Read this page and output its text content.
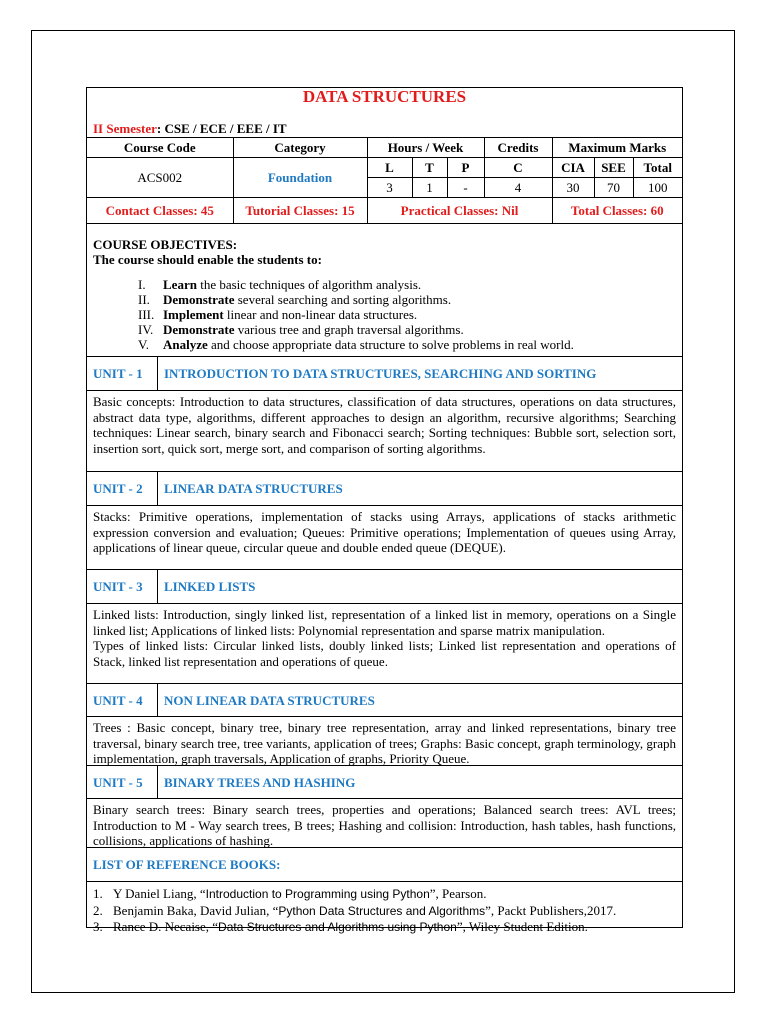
DATA STRUCTURES
II Semester: CSE / ECE / EEE / IT
Course Code	Category	Hours / Week			Credits	Maximum Marks		
ACS002	Foundation	L	T	P	C	CIA	SEE	Total
		3	1	-	4	30	70	100
Contact Classes: 45	Tutorial Classes: 15	Practical Classes: Nil				Total Classes: 60		
COURSE OBJECTIVES:
The course should enable the students to:
I. Learn the basic techniques of algorithm analysis.
II. Demonstrate several searching and sorting algorithms.
III. Implement linear and non-linear data structures.
IV. Demonstrate various tree and graph traversal algorithms.
V. Analyze and choose appropriate data structure to solve problems in real world.
UNIT - 1 INTRODUCTION TO DATA STRUCTURES, SEARCHING AND SORTING
Basic concepts: Introduction to data structures, classification of data structures, operations on data structures, abstract data type, algorithms, different approaches to design an algorithm, recursive algorithms; Searching techniques: Linear search, binary search and Fibonacci search; Sorting techniques: Bubble sort, selection sort, insertion sort, quick sort, merge sort, and comparison of sorting algorithms.
UNIT - 2 LINEAR DATA STRUCTURES
Stacks: Primitive operations, implementation of stacks using Arrays, applications of stacks arithmetic expression conversion and evaluation; Queues: Primitive operations; Implementation of queues using Array, applications of linear queue, circular queue and double ended queue (DEQUE).
UNIT - 3 LINKED LISTS
Linked lists: Introduction, singly linked list, representation of a linked list in memory, operations on a Single linked list; Applications of linked lists: Polynomial representation and sparse matrix manipulation.
Types of linked lists: Circular linked lists, doubly linked lists; Linked list representation and operations of Stack, linked list representation and operations of queue.
UNIT - 4 NON LINEAR DATA STRUCTURES
Trees : Basic concept, binary tree, binary tree representation, array and linked representations, binary tree traversal, binary search tree, tree variants, application of trees; Graphs: Basic concept, graph terminology, graph implementation, graph traversals, Application of graphs, Priority Queue.
UNIT - 5 BINARY TREES AND HASHING
Binary search trees: Binary search trees, properties and operations; Balanced search trees: AVL trees; Introduction to M - Way search trees, B trees; Hashing and collision: Introduction, hash tables, hash functions, collisions, applications of hashing.
LIST OF REFERENCE BOOKS:
1. Y Daniel Liang, “Introduction to Programming using Python”, Pearson.
2. Benjamin Baka, David Julian, “Python Data Structures and Algorithms”, Packt Publishers,2017.
3. Rance D. Necaise, “Data Structures and Algorithms using Python”, Wiley Student Edition.
